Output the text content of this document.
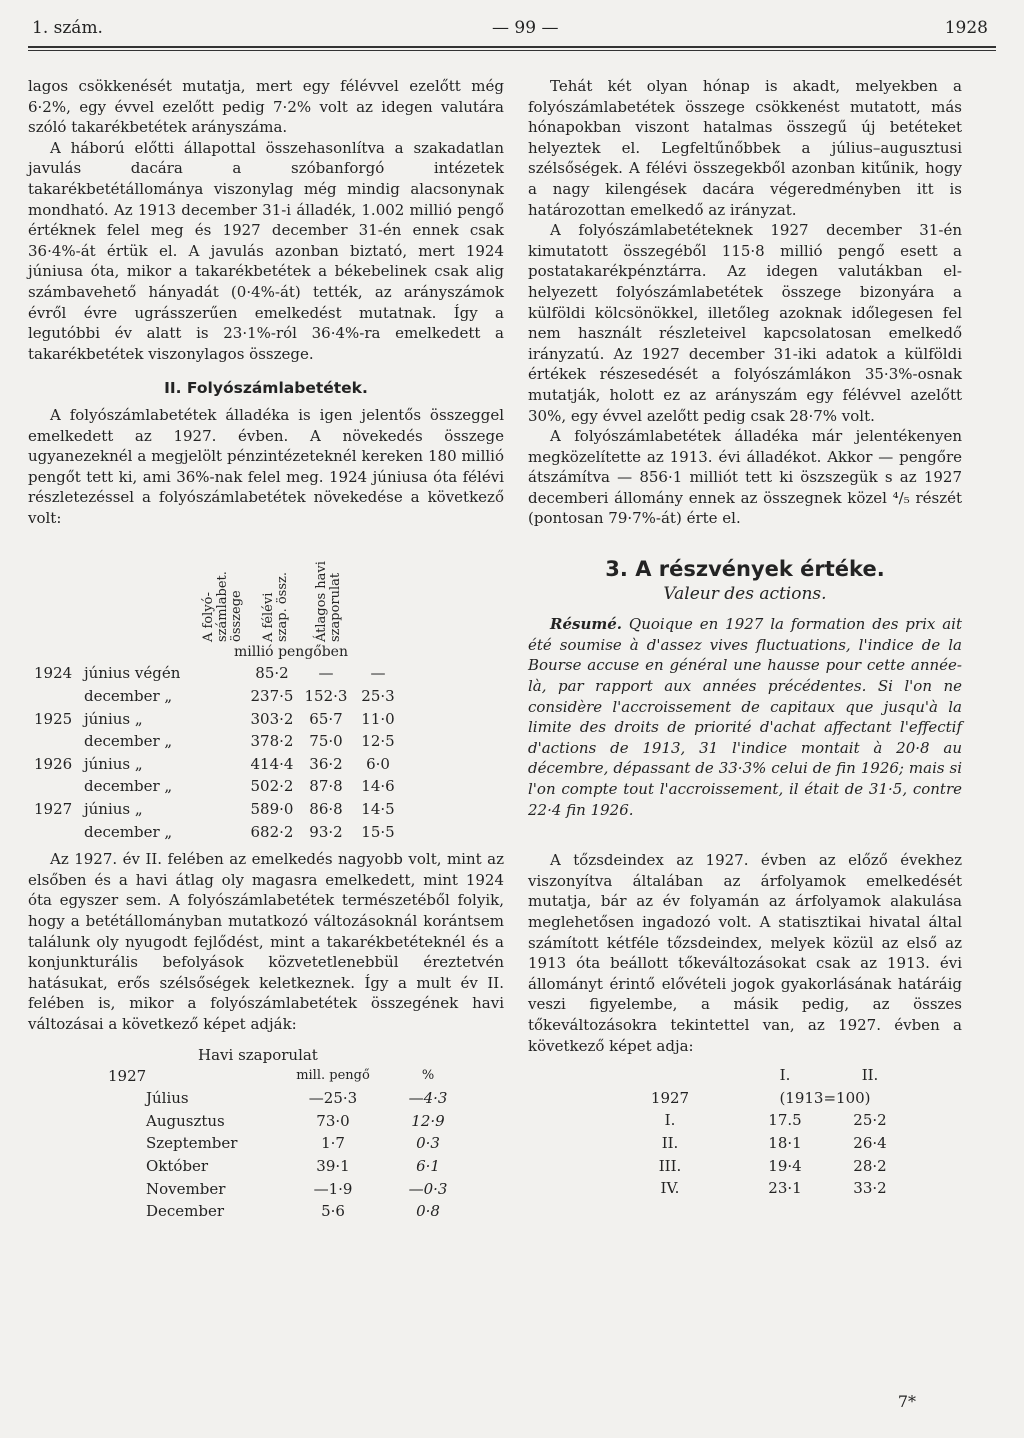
1. szám.	— 99 —	1928

lagos csökkenését mutatja, mert egy félévvel ezelőtt még 6·2%, egy évvel ezelőtt pedig 7·2% volt az idegen valutára szóló takarékbetétek arányszáma.

A háború előtti állapottal összehasonlítva a szakadatlan javulás dacára a szóbanforgó intézetek takarékbetétállománya viszonylag még mindig alacsonynak mondható. Az 1913 december 31-i álladék, 1.002 millió pengő értéknek felel meg és 1927 december 31-én ennek csak 36·4%-át értük el. A javulás azonban biztató, mert 1924 júniusa óta, mikor a takarékbetétek a békebelinek csak alig számbavehető hányadát (0·4%-át) tették, az arányszámok évről évre ugrásszerűen emelkedést mutatnak. Így a legutóbbi év alatt is 23·1%-ról 36·4%-ra emelkedett a takarékbetétek viszonylagos összege.

II. Folyószámlabetétek.

A folyószámlabetétek álladéka is igen jelentős összeggel emelkedett az 1927. évben. A növekedés összege ugyanezeknél a megjelölt pénzintézeteknél kereken 180 millió pengőt tett ki, ami 36%-nak felel meg. 1924 júniusa óta félévi részletezéssel a folyószámlabetétek növekedése a következő volt:

A folyó-
számlabet.
összege A félévi
szap. össz.
Átlagos havi
szaporulat
millió pengőben
1924	június végén	85·2	—	—
	december „	237·5	152·3	25·3
1925	június „	303·2	65·7	11·0
	december „	378·2	75·0	12·5
1926	június „	414·4	36·2	6·0
	december „	502·2	87·8	14·6
1927	június „	589·0	86·8	14·5
	december „	682·2	93·2	15·5

Az 1927. év II. felében az emelkedés nagyobb volt, mint az elsőben és a havi átlag oly magasra emelkedett, mint 1924 óta egyszer sem. A folyószámlabetétek természetéből folyik, hogy a betétállományban mutatkozó változásoknál korántsem találunk oly nyugodt fejlődést, mint a takarékbetéteknél és a konjunkturális befolyások közvetetlenebbül éreztetvén hatásukat, erős szélsőségek keletkeznek. Így a mult év II. felében is, mikor a folyószámlabetétek összegének havi változásai a következő képet adják:

Havi szaporulat
1927	mill. pengő	%
Július	—25·3	—4·3
Augusztus	73·0	12·9
Szeptember	1·7	0·3
Október	39·1	6·1
November	—1·9	—0·3
December	5·6	0·8

Tehát két olyan hónap is akadt, melyekben a folyószámlabetétek összege csökkenést mutatott, más hónapokban viszont hatalmas összegű új betéteket helyeztek el. Legfeltűnőbbek a július–augusztusi szélsőségek. A félévi összegekből azonban kitűnik, hogy a nagy kilengések dacára végeredményben itt is határozottan emelkedő az irányzat.

A folyószámlabetéteknek 1927 december 31-én kimutatott összegéből 115·8 millió pengő esett a postatakarékpénztárra. Az idegen valutákban elhelyezett folyószámlabetétek összege bizonyára a külföldi kölcsönökkel, illetőleg azoknak időlegesen fel nem használt részleteivel kapcsolatosan emelkedő irányzatú. Az 1927 december 31-iki adatok a külföldi értékek részesedését a folyószámlákon 35·3%-osnak mutatják, holott ez az arányszám egy félévvel azelőtt 30%, egy évvel azelőtt pedig csak 28·7% volt.

A folyószámlabetétek álladéka már jelentékenyen megközelítette az 1913. évi álladékot. Akkor — pengőre átszámítva — 856·1 milliót tett ki öszszegük s az 1927 decemberi állomány ennek az összegnek közel ⁴/₅ részét (pontosan 79·7%-át) érte el.

3. A részvények értéke.
Valeur des actions.

Résumé. Quoique en 1927 la formation des prix ait été soumise à d'assez vives fluctuations, l'indice de la Bourse accuse en général une hausse pour cette année-là, par rapport aux années précédentes. Si l'on ne considère l'accroissement de capitaux que jusqu'à la limite des droits de priorité d'achat affectant l'effectif d'actions de 1913, 31 l'indice montait à 20·8 au décembre, dépassant de 33·3% celui de fin 1926; mais si l'on compte tout l'accroissement, il était de 31·5, contre 22·4 fin 1926.

A tőzsdeindex az 1927. évben az előző évekhez viszonyítva általában az árfolyamok emelkedését mutatja, bár az év folyamán az árfolyamok alakulása meglehetősen ingadozó volt. A statisztikai hivatal által számított kétféle tőzsdeindex, melyek közül az első az 1913 óta beállott tőkeváltozásokat csak az 1913. évi állományt érintő elővételi jogok gyakorlásának határáig veszi figyelembe, a másik pedig, az összes tőkeváltozásokra tekintettel van, az 1927. évben a következő képet adja:

	I.	II.
1927	(1913=100)	
I.	17.5	25·2
II.	18·1	26·4
III.	19·4	28·2
IV.	23·1	33·2
7*
